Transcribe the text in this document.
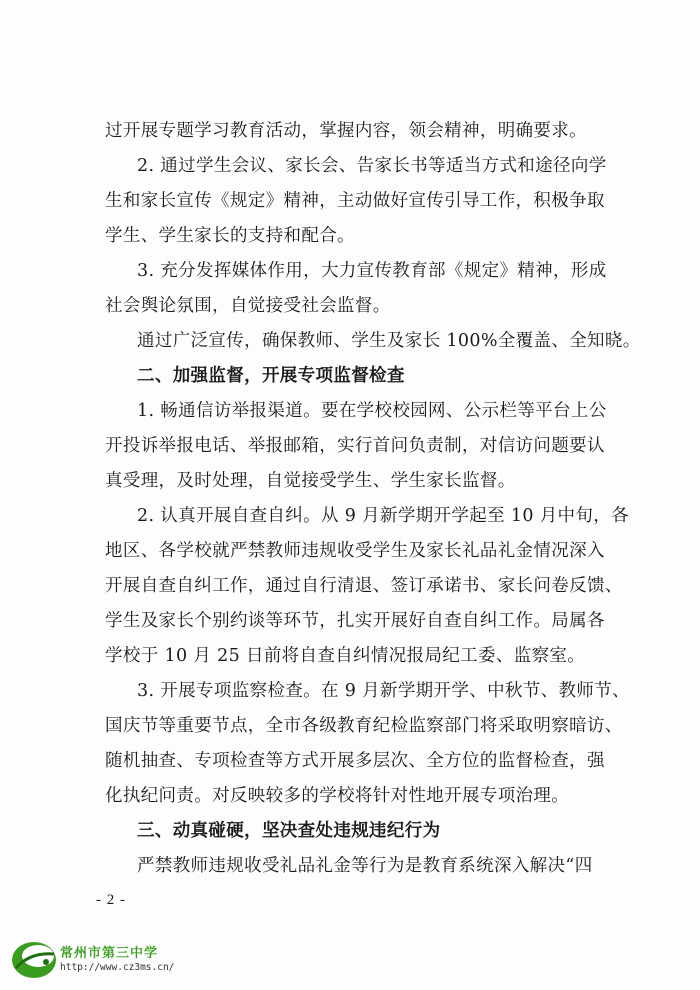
过开展专题学习教育活动，掌握内容，领会精神，明确要求。
2. 通过学生会议、家长会、告家长书等适当方式和途径向学
生和家长宣传《规定》精神，主动做好宣传引导工作，积极争取
学生、学生家长的支持和配合。
3. 充分发挥媒体作用，大力宣传教育部《规定》精神，形成
社会舆论氛围，自觉接受社会监督。
通过广泛宣传，确保教师、学生及家长 100%全覆盖、全知晓。
二、加强监督，开展专项监督检查
1. 畅通信访举报渠道。要在学校校园网、公示栏等平台上公
开投诉举报电话、举报邮箱，实行首问负责制，对信访问题要认
真受理，及时处理，自觉接受学生、学生家长监督。
2. 认真开展自查自纠。从 9 月新学期开学起至 10 月中旬，各
地区、各学校就严禁教师违规收受学生及家长礼品礼金情况深入
开展自查自纠工作，通过自行清退、签订承诺书、家长问卷反馈、
学生及家长个别约谈等环节，扎实开展好自查自纠工作。局属各
学校于 10 月 25 日前将自查自纠情况报局纪工委、监察室。
3. 开展专项监察检查。在 9 月新学期开学、中秋节、教师节、
国庆节等重要节点，全市各级教育纪检监察部门将采取明察暗访、
随机抽查、专项检查等方式开展多层次、全方位的监督检查，强
化执纪问责。对反映较多的学校将针对性地开展专项治理。
三、动真碰硬，坚决查处违规违纪行为
严禁教师违规收受礼品礼金等行为是教育系统深入解决“四
- 2 -
常州市第三中学
http://www.cz3ms.cn/
